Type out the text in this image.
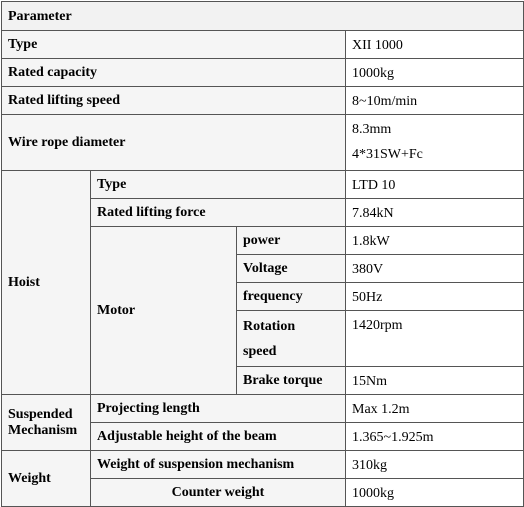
Parameter			
Type			XII 1000
Rated capacity			1000kg
Rated lifting speed			8~10m/min
Wire rope diameter			8.3mm
4*31SW+Fc

Hoist	Type		LTD 10
	Rated lifting force		7.84kN
	Motor	power	1.8kW
		Voltage	380V
		frequency	50Hz

		Rotation
speed	1420rpm
		Brake torque	15Nm

Suspended
Mechanism	Projecting length		Max 1.2m
	Adjustable height of the beam		1.365~1.925m
Weight	Weight of suspension mechanism		310kg
	Counter weight		1000kg
